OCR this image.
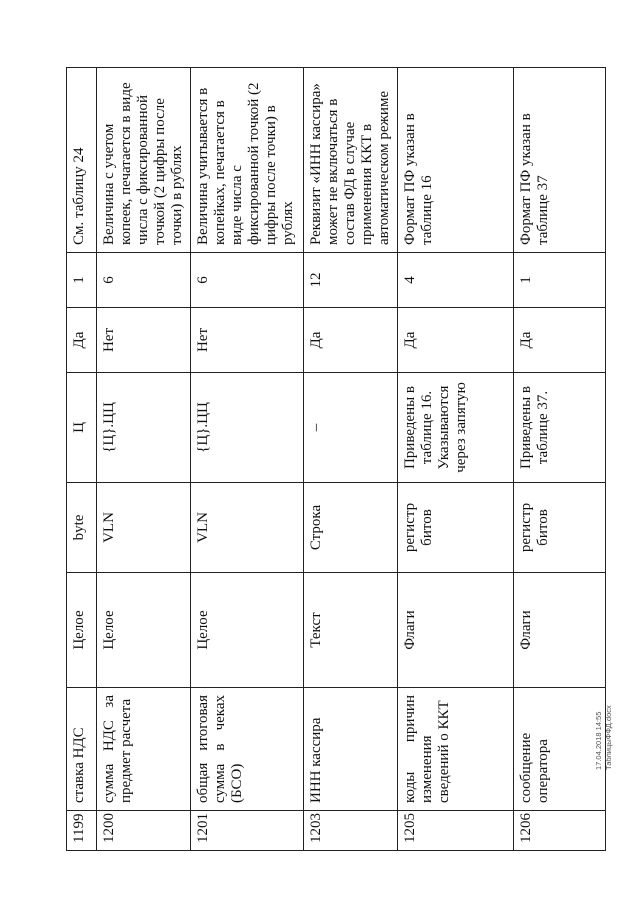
1199	ставка НДС	Целое	byte	Ц	Да	1	См. таблицу 24
1200	сумма НДС за предмет расчета	Целое	VLN	{Ц}.ЦЦ	Нет	6	Величина с учетом копеек, печатается в виде числа с фиксированной точкой (2 цифры после точки) в рублях
1201	общая итоговая сумма в чеках (БСО)	Целое	VLN	{Ц}.ЦЦ	Нет	6	Величина учитывается в копейках, печатается в виде числа с фиксированной точкой (2 цифры после точки) в рублях
1203	ИНН кассира	Текст	Строка	–	Да	12	Реквизит «ИНН кассира» может не включаться в состав ФД в случае применения ККТ в автоматическом режиме
1205	коды причин изменения сведений о ККТ	Флаги	регистр битов	Приведены в таблице 16. Указываются через запятую	Да	4	Формат ПФ указан в таблице 16
1206	сообщение оператора	Флаги	регистр битов	Приведены в таблице 37.	Да	1	Формат ПФ указан в таблице 37
17.04.2018 14:55 ТаблицыФФД.docx
